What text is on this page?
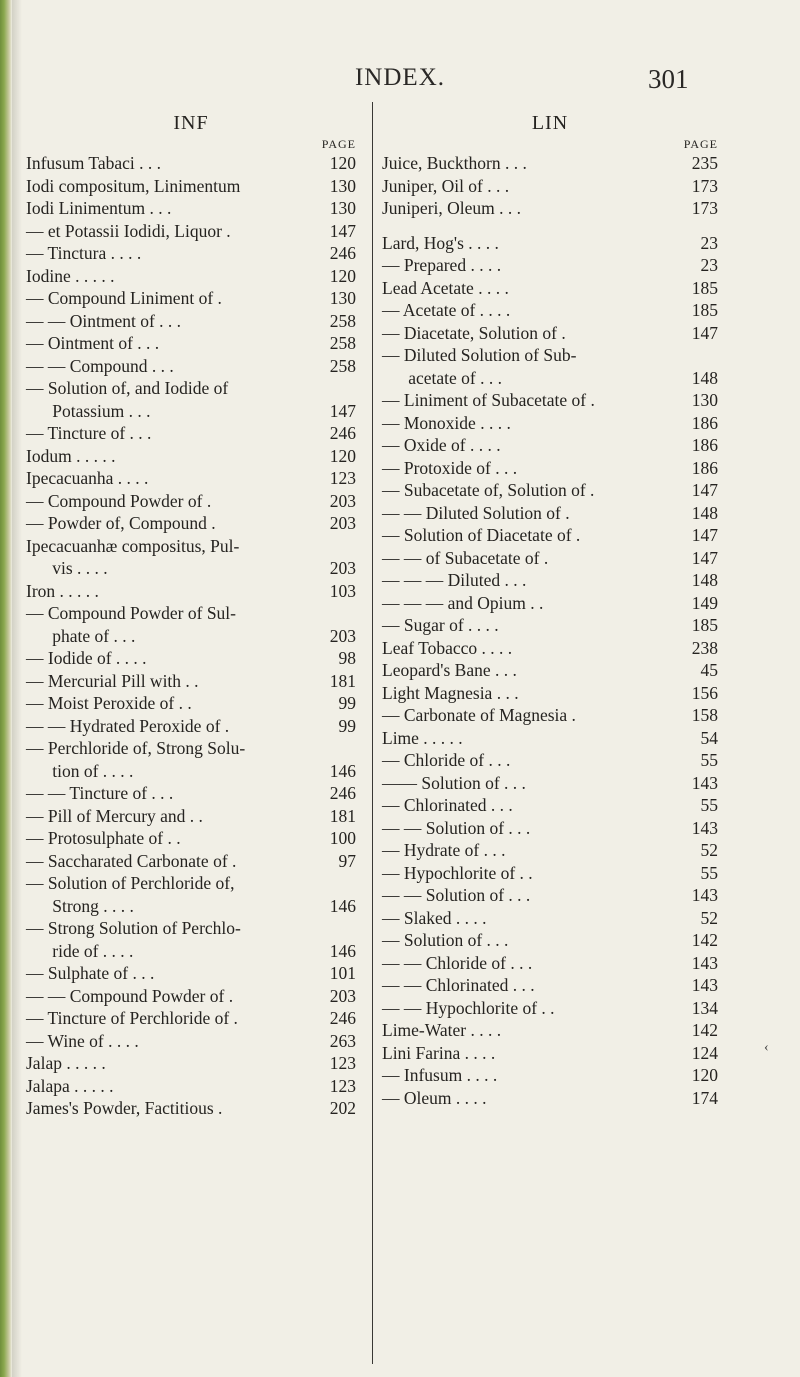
INDEX.	301
INF
PAGE
Infusum Tabaci . . .	120
Iodi compositum, Linimentum	130
Iodi Linimentum . . .	130
— et Potassii Iodidi, Liquor .	147
— Tinctura . . . .	246
Iodine . . . . .	120
— Compound Liniment of .	130
— — Ointment of . . .	258
— Ointment of . . .	258
— — Compound . . .	258
— Solution of, and Iodide of
Potassium . . .	147
— Tincture of . . .	246
Iodum . . . . .	120
Ipecacuanha . . . .	123
— Compound Powder of .	203
— Powder of, Compound .	203
Ipecacuanhæ compositus, Pul-
vis . . . .	203
Iron . . . . .	103
— Compound Powder of Sul-
phate of . . .	203
— Iodide of . . . .	98
— Mercurial Pill with . .	181
— Moist Peroxide of . .	99
— — Hydrated Peroxide of .	99
— Perchloride of, Strong Solu-
tion of . . . .	146
— — Tincture of . . .	246
— Pill of Mercury and . .	181
— Protosulphate of . .	100
— Saccharated Carbonate of .	97
— Solution of Perchloride of,
Strong . . . .	146
— Strong Solution of Perchlo-
ride of . . . .	146
— Sulphate of . . .	101
— — Compound Powder of .	203
— Tincture of Perchloride of .	246
— Wine of . . . .	263
Jalap . . . . .	123
Jalapa . . . . .	123
James's Powder, Factitious .	202
LIN
PAGE
Juice, Buckthorn . . .	235
Juniper, Oil of . . .	173
Juniperi, Oleum . . .	173
Lard, Hog's . . . .	23
— Prepared . . . .	23
Lead Acetate . . . .	185
— Acetate of . . . .	185
— Diacetate, Solution of .	147
— Diluted Solution of Sub-
acetate of . . .	148
— Liniment of Subacetate of .	130
— Monoxide . . . .	186
— Oxide of . . . .	186
— Protoxide of . . .	186
— Subacetate of, Solution of .	147
— — Diluted Solution of .	148
— Solution of Diacetate of .	147
— — of Subacetate of .	147
— — — Diluted . . .	148
— — — and Opium . .	149
— Sugar of . . . .	185
Leaf Tobacco . . . .	238
Leopard's Bane . . .	45
Light Magnesia . . .	156
— Carbonate of Magnesia .	158
Lime . . . . .	54
— Chloride of . . .	55
—— Solution of . . .	143
— Chlorinated . . .	55
— — Solution of . . .	143
— Hydrate of . . .	52
— Hypochlorite of . .	55
— — Solution of . . .	143
— Slaked . . . .	52
— Solution of . . .	142
— — Chloride of . . .	143
— — Chlorinated . . .	143
— — Hypochlorite of . .	134
Lime-Water . . . .	142
Lini Farina . . . .	124
— Infusum . . . .	120
— Oleum . . . .	174
‹
